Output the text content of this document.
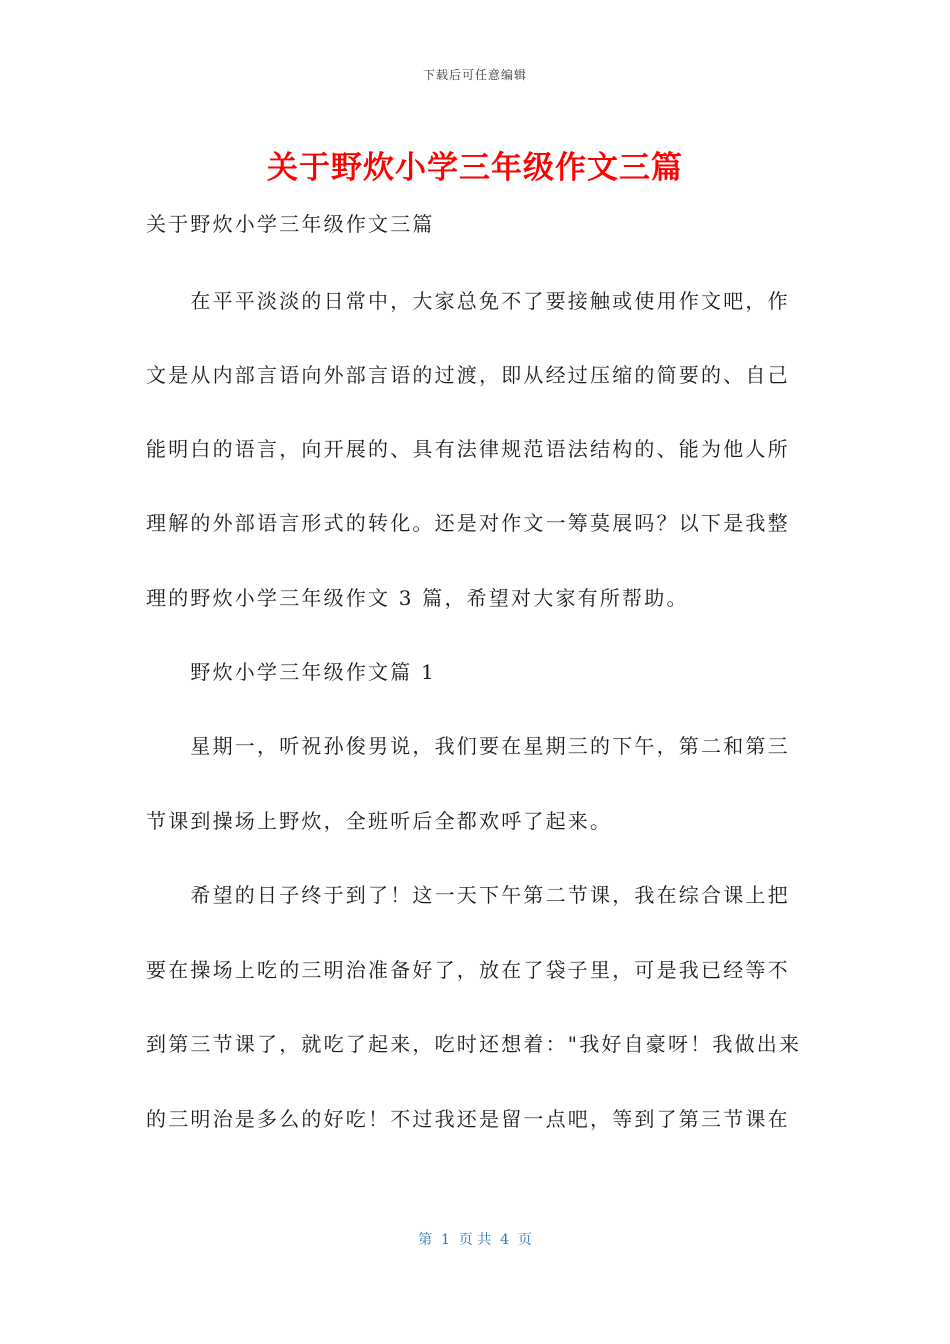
下载后可任意编辑
关于野炊小学三年级作文三篇
关于野炊小学三年级作文三篇
　　在平平淡淡的日常中，大家总免不了要接触或使用作文吧，作
文是从内部言语向外部言语的过渡，即从经过压缩的简要的、自己
能明白的语言，向开展的、具有法律规范语法结构的、能为他人所
理解的外部语言形式的转化。还是对作文一筹莫展吗？以下是我整
理的野炊小学三年级作文 3 篇，希望对大家有所帮助。
　　野炊小学三年级作文篇 1
　　星期一，听祝孙俊男说，我们要在星期三的下午，第二和第三
节课到操场上野炊，全班听后全都欢呼了起来。
　　希望的日子终于到了！这一天下午第二节课，我在综合课上把
要在操场上吃的三明治准备好了，放在了袋子里，可是我已经等不
到第三节课了，就吃了起来，吃时还想着："我好自豪呀！我做出来
的三明治是多么的好吃！不过我还是留一点吧，等到了第三节课在
第  1  页 共  4  页
